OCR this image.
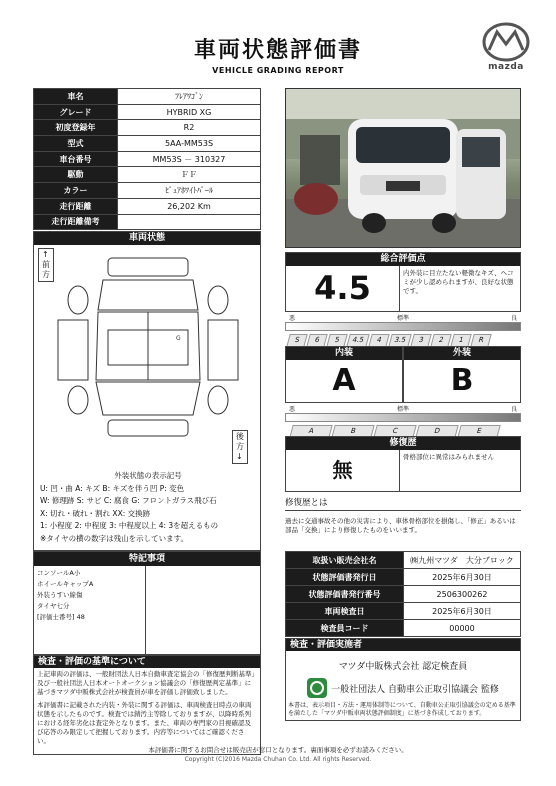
車両状態評価書
VEHICLE GRADING REPORT	mazda
車名	ﾌﾚｱﾜｺﾞﾝ
グレード	HYBRID XG
初度登録年	R2
型式	5AA-MM53S
車台番号	MM53S － 310327
駆動	ＦＦ
カラー	ﾋﾟｭｱﾎﾜｲﾄﾊﾟｰﾙ
走行距離	26,202 Km
走行距離備考	
車両状態
↑
前
方
G
後
方
↓
外装状態の表示記号
U: 凹・曲 A: キズ B: キズを伴う凹 P: 変色
W: 修理跡 S: サビ C: 腐食 G: フロントガラス飛び石
X: 切れ・破れ・割れ XX: 交換跡
1: 小程度 2: 中程度 3: 中程度以上 4: 3を超えるもの
※タイヤの横の数字は残山を示しています。
特記事項
コンソールA小
ホイールキャップA
外装うすい線傷
タイヤ七分
[評価士番号] 48
検査・評価の基準について
上記車両の評価は、一般財団法人日本自動車査定協会の「修復歴判断基準」及び一般社団法人日本オートオークション協議会の「修復歴判定基準」に基づきマツダ中販株式会社が検査員が車を評価し評価致しました。
本評価書に記載された内装・外装に関する評価は、車両検査日時点の車両状態を示したものです。検査では錆汚主等除しておりますが、以降時系列における経年劣化は査定外となります。また、車両の専門家の目視確認及び応答のみ限定して把握しております。内容等についてはご確認ください。
本評価書に関するお問合せは販売店が窓口となります。裏面事項を必ずお読みください。
Copyright (C)2016 Mazda Chuhan Co. Ltd. All rights Reserved.
総合評価点
4.5	内外装に目立たない軽微なキズ、ヘコミが少し認められますが、良好な状態です。
悪	標準	良
S	6	5	4.5	4	3.5	3	2	1	R
内装
A
外装
B
悪	標準	良
A	B	C	D	E
修復歴
無
骨格部位に異常はみられません
修復歴とは
過去に交通事故その他の災害により、車体骨格部位を損傷し、「修正」あるいは部品「交換」により修復したものをいいます。
取扱い販売会社名	㈱九州マツダ　大分ブロック
状態評価書発行日	2025年6月30日
状態評価書発行番号	2506300262
車両検査日	2025年6月30日
検査員コード	00000
検査・評価実施者
マツダ中販株式会社 認定検査員
一般社団法人 自動車公正取引協議会 監修
本書は、表示項目・方法・運用体制等について、自動車公正取引協議会の定める基準を満たした「マツダ中販車両状態評価制度」に基づき作成しております。
